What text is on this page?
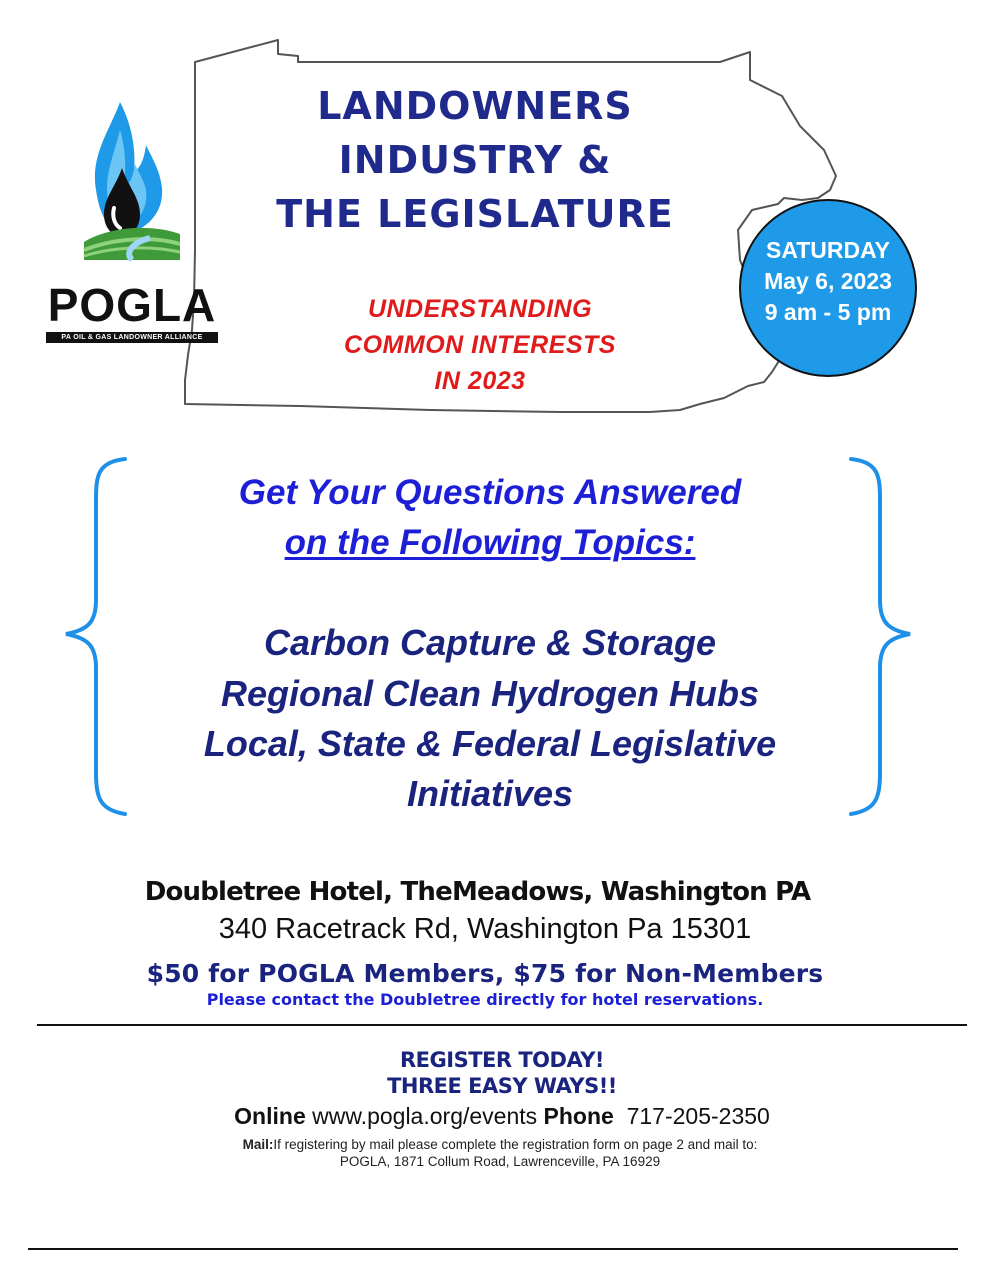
POGLA
PA OIL & GAS LANDOWNER ALLIANCE
LANDOWNERS
INDUSTRY &
THE LEGISLATURE
UNDERSTANDING
COMMON INTERESTS
IN 2023
SATURDAY
May 6, 2023
9 am - 5 pm
Get Your Questions Answered
on the Following Topics:
Carbon Capture & Storage
Regional Clean Hydrogen Hubs
Local, State & Federal Legislative
Initiatives
Doubletree Hotel, TheMeadows, Washington PA
340 Racetrack Rd, Washington Pa 15301
$50 for POGLA Members, $75 for Non-Members
Please contact the Doubletree directly for hotel reservations.
REGISTER TODAY!
THREE EASY WAYS!!
Online www.pogla.org/events Phone 717-205-2350
Mail:If registering by mail please complete the registration form on page 2 and mail to:
POGLA, 1871 Collum Road, Lawrenceville, PA 16929
